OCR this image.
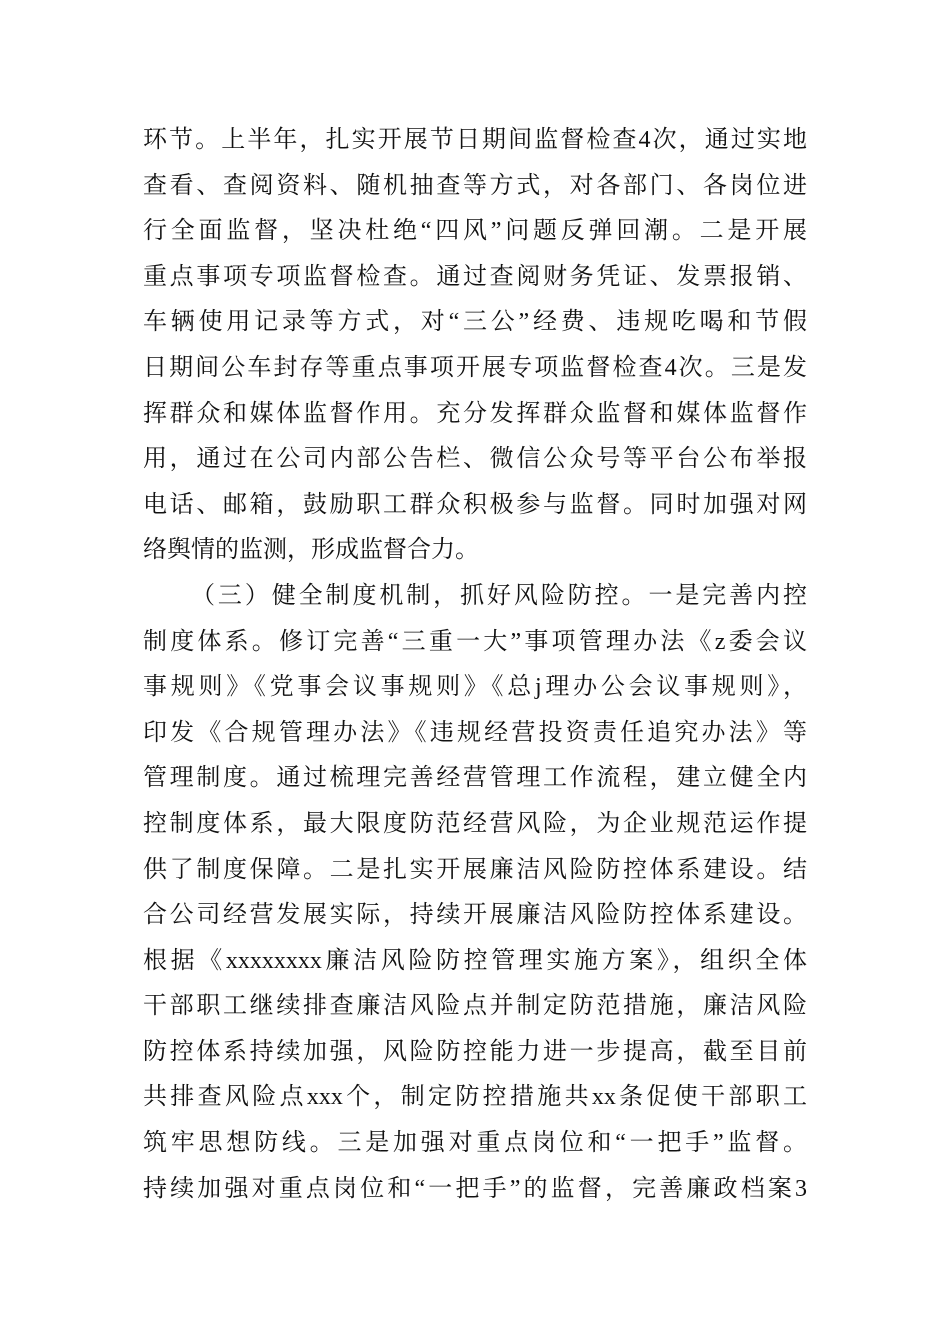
环节。上半年，扎实开展节日期间监督检查4次，通过实地
查看、查阅资料、随机抽查等方式，对各部门、各岗位进
行全面监督，坚决杜绝“四风”问题反弹回潮。二是开展
重点事项专项监督检查。通过查阅财务凭证、发票报销、
车辆使用记录等方式，对“三公”经费、违规吃喝和节假
日期间公车封存等重点事项开展专项监督检查4次。三是发
挥群众和媒体监督作用。充分发挥群众监督和媒体监督作
用，通过在公司内部公告栏、微信公众号等平台公布举报
电话、邮箱，鼓励职工群众积极参与监督。同时加强对网
络舆情的监测，形成监督合力。
（三）健全制度机制，抓好风险防控。一是完善内控
制度体系。修订完善“三重一大”事项管理办法《z委会议
事规则》《党事会议事规则》《总j理办公会议事规则》，
印发《合规管理办法》《违规经营投资责任追究办法》等
管理制度。通过梳理完善经营管理工作流程，建立健全内
控制度体系，最大限度防范经营风险，为企业规范运作提
供了制度保障。二是扎实开展廉洁风险防控体系建设。结
合公司经营发展实际，持续开展廉洁风险防控体系建设。
根据《xxxxxxxx廉洁风险防控管理实施方案》，组织全体
干部职工继续排查廉洁风险点并制定防范措施，廉洁风险
防控体系持续加强，风险防控能力进一步提高，截至目前
共排查风险点xxx个，制定防控措施共xx条促使干部职工
筑牢思想防线。三是加强对重点岗位和“一把手”监督。
持续加强对重点岗位和“一把手”的监督，完善廉政档案3
